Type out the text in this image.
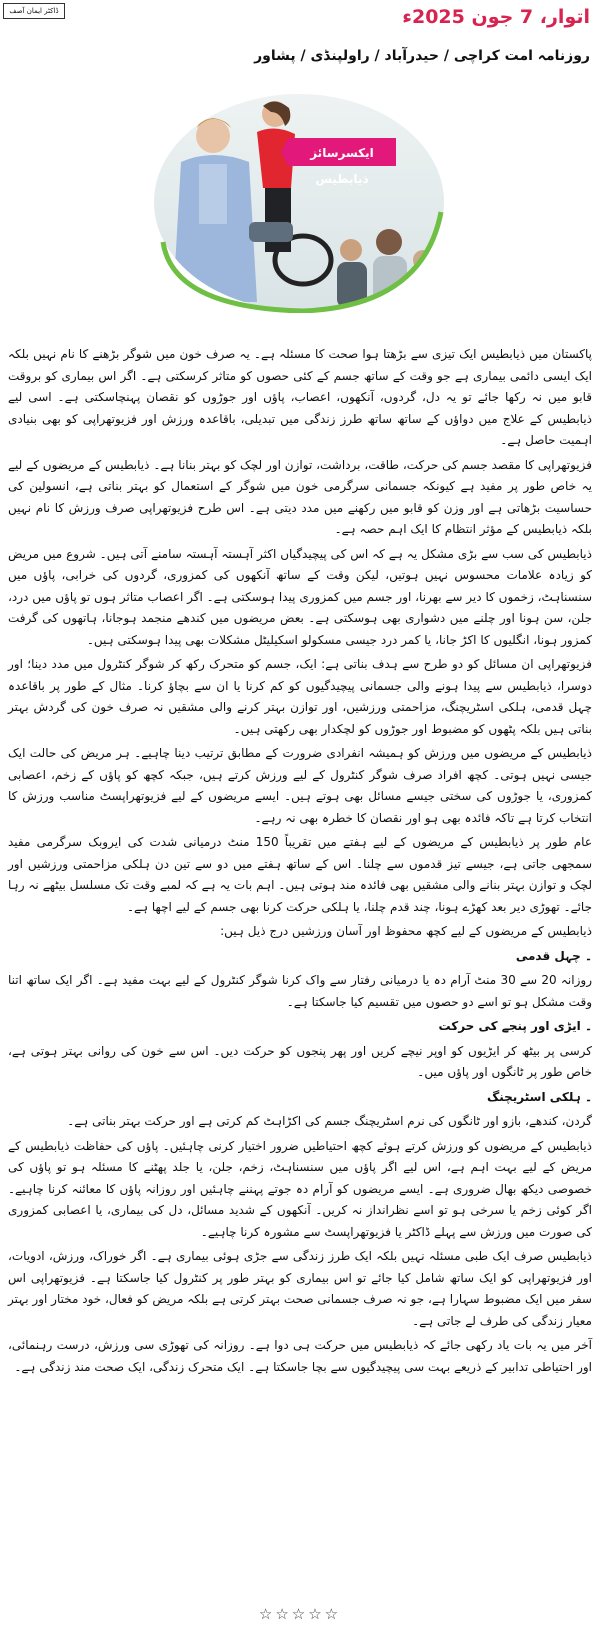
ڈاکٹر ایمان آصف	اتوار، 7 جون 2025ء
روزنامہ امت کراچی / حیدرآباد / راولپنڈی / پشاور
ایکسرسائز ذیابطیس

پاکستان میں ذیابطیس ایک تیزی سے بڑھتا ہوا صحت کا مسئلہ ہے۔ یہ صرف خون میں شوگر بڑھنے کا نام نہیں بلکہ ایک ایسی دائمی بیماری ہے جو وقت کے ساتھ جسم کے کئی حصوں کو متاثر کرسکتی ہے۔ اگر اس بیماری کو بروقت قابو میں نہ رکھا جائے تو یہ دل، گردوں، آنکھوں، اعصاب، پاؤں اور جوڑوں کو نقصان پہنچاسکتی ہے۔ اسی لیے ذیابطیس کے علاج میں دواؤں کے ساتھ ساتھ طرز زندگی میں تبدیلی، باقاعدہ ورزش اور فزیوتھراپی کو بھی بنیادی اہمیت حاصل ہے۔

فزیوتھراپی کا مقصد جسم کی حرکت، طاقت، برداشت، توازن اور لچک کو بہتر بنانا ہے۔ ذیابطیس کے مریضوں کے لیے یہ خاص طور پر مفید ہے کیونکہ جسمانی سرگرمی خون میں شوگر کے استعمال کو بہتر بناتی ہے، انسولین کی حساسیت بڑھاتی ہے اور وزن کو قابو میں رکھنے میں مدد دیتی ہے۔ اس طرح فزیوتھراپی صرف ورزش کا نام نہیں بلکہ ذیابطیس کے مؤثر انتظام کا ایک اہم حصہ ہے۔

ذیابطیس کی سب سے بڑی مشکل یہ ہے کہ اس کی پیچیدگیاں اکثر آہستہ آہستہ سامنے آتی ہیں۔ شروع میں مریض کو زیادہ علامات محسوس نہیں ہوتیں، لیکن وقت کے ساتھ آنکھوں کی کمزوری، گردوں کی خرابی، پاؤں میں سنسناہٹ، زخموں کا دیر سے بھرنا، اور جسم میں کمزوری پیدا ہوسکتی ہے۔ اگر اعصاب متاثر ہوں تو پاؤں میں درد، جلن، سن ہونا اور چلنے میں دشواری بھی ہوسکتی ہے۔ بعض مریضوں میں کندھے منجمد ہوجانا، ہاتھوں کی گرفت کمزور ہونا، انگلیوں کا اکڑ جانا، یا کمر درد جیسی مسکولو اسکیلیٹل مشکلات بھی پیدا ہوسکتی ہیں۔

فزیوتھراپی ان مسائل کو دو طرح سے ہدف بناتی ہے: ایک، جسم کو متحرک رکھ کر شوگر کنٹرول میں مدد دینا؛ اور دوسرا، ذیابطیس سے پیدا ہونے والی جسمانی پیچیدگیوں کو کم کرنا یا ان سے بچاؤ کرنا۔ مثال کے طور پر باقاعدہ چہل قدمی، ہلکی اسٹریچنگ، مزاحمتی ورزشیں، اور توازن بہتر کرنے والی مشقیں نہ صرف خون کی گردش بہتر بناتی ہیں بلکہ پٹھوں کو مضبوط اور جوڑوں کو لچکدار بھی رکھتی ہیں۔

ذیابطیس کے مریضوں میں ورزش کو ہمیشہ انفرادی ضرورت کے مطابق ترتیب دینا چاہیے۔ ہر مریض کی حالت ایک جیسی نہیں ہوتی۔ کچھ افراد صرف شوگر کنٹرول کے لیے ورزش کرتے ہیں، جبکہ کچھ کو پاؤں کے زخم، اعصابی کمزوری، یا جوڑوں کی سختی جیسے مسائل بھی ہوتے ہیں۔ ایسے مریضوں کے لیے فزیوتھراپسٹ مناسب ورزش کا انتخاب کرتا ہے تاکہ فائدہ بھی ہو اور نقصان کا خطرہ بھی نہ رہے۔

عام طور پر ذیابطیس کے مریضوں کے لیے ہفتے میں تقریباً 150 منٹ درمیانی شدت کی ایروبک سرگرمی مفید سمجھی جاتی ہے، جیسے تیز قدموں سے چلنا۔ اس کے ساتھ ہفتے میں دو سے تین دن ہلکی مزاحمتی ورزشیں اور لچک و توازن بہتر بنانے والی مشقیں بھی فائدہ مند ہوتی ہیں۔ اہم بات یہ ہے کہ لمبے وقت تک مسلسل بیٹھے نہ رہا جائے۔ تھوڑی دیر بعد کھڑے ہونا، چند قدم چلنا، یا ہلکی حرکت کرنا بھی جسم کے لیے اچھا ہے۔

ذیابطیس کے مریضوں کے لیے کچھ محفوظ اور آسان ورزشیں درج ذیل ہیں:

۔ چہل قدمی

روزانہ 20 سے 30 منٹ آرام دہ یا درمیانی رفتار سے واک کرنا شوگر کنٹرول کے لیے بہت مفید ہے۔ اگر ایک ساتھ اتنا وقت مشکل ہو تو اسے دو حصوں میں تقسیم کیا جاسکتا ہے۔

۔ ایڑی اور پنجے کی حرکت

کرسی پر بیٹھ کر ایڑیوں کو اوپر نیچے کریں اور پھر پنجوں کو حرکت دیں۔ اس سے خون کی روانی بہتر ہوتی ہے، خاص طور پر ٹانگوں اور پاؤں میں۔

۔ ہلکی اسٹریچنگ

گردن، کندھے، بازو اور ٹانگوں کی نرم اسٹریچنگ جسم کی اکڑاہٹ کم کرتی ہے اور حرکت بہتر بناتی ہے۔

ذیابطیس کے مریضوں کو ورزش کرتے ہوئے کچھ احتیاطیں ضرور اختیار کرنی چاہئیں۔ پاؤں کی حفاظت ذیابطیس کے مریض کے لیے بہت اہم ہے، اس لیے اگر پاؤں میں سنسناہٹ، زخم، جلن، یا جلد پھٹنے کا مسئلہ ہو تو پاؤں کی خصوصی دیکھ بھال ضروری ہے۔ ایسے مریضوں کو آرام دہ جوتے پہننے چاہئیں اور روزانہ پاؤں کا معائنہ کرنا چاہیے۔ اگر کوئی زخم یا سرخی ہو تو اسے نظرانداز نہ کریں۔ آنکھوں کے شدید مسائل، دل کی بیماری، یا اعصابی کمزوری کی صورت میں ورزش سے پہلے ڈاکٹر یا فزیوتھراپسٹ سے مشورہ کرنا چاہیے۔

ذیابطیس صرف ایک طبی مسئلہ نہیں بلکہ ایک طرز زندگی سے جڑی ہوئی بیماری ہے۔ اگر خوراک، ورزش، ادویات، اور فزیوتھراپی کو ایک ساتھ شامل کیا جائے تو اس بیماری کو بہتر طور پر کنٹرول کیا جاسکتا ہے۔ فزیوتھراپی اس سفر میں ایک مضبوط سہارا ہے، جو نہ صرف جسمانی صحت بہتر کرتی ہے بلکہ مریض کو فعال، خود مختار اور بہتر معیار زندگی کی طرف لے جاتی ہے۔

آخر میں یہ بات یاد رکھی جائے کہ ذیابطیس میں حرکت ہی دوا ہے۔ روزانہ کی تھوڑی سی ورزش، درست رہنمائی، اور احتیاطی تدابیر کے ذریعے بہت سی پیچیدگیوں سے بچا جاسکتا ہے۔ ایک متحرک زندگی، ایک صحت مند زندگی ہے۔

☆☆☆☆☆
